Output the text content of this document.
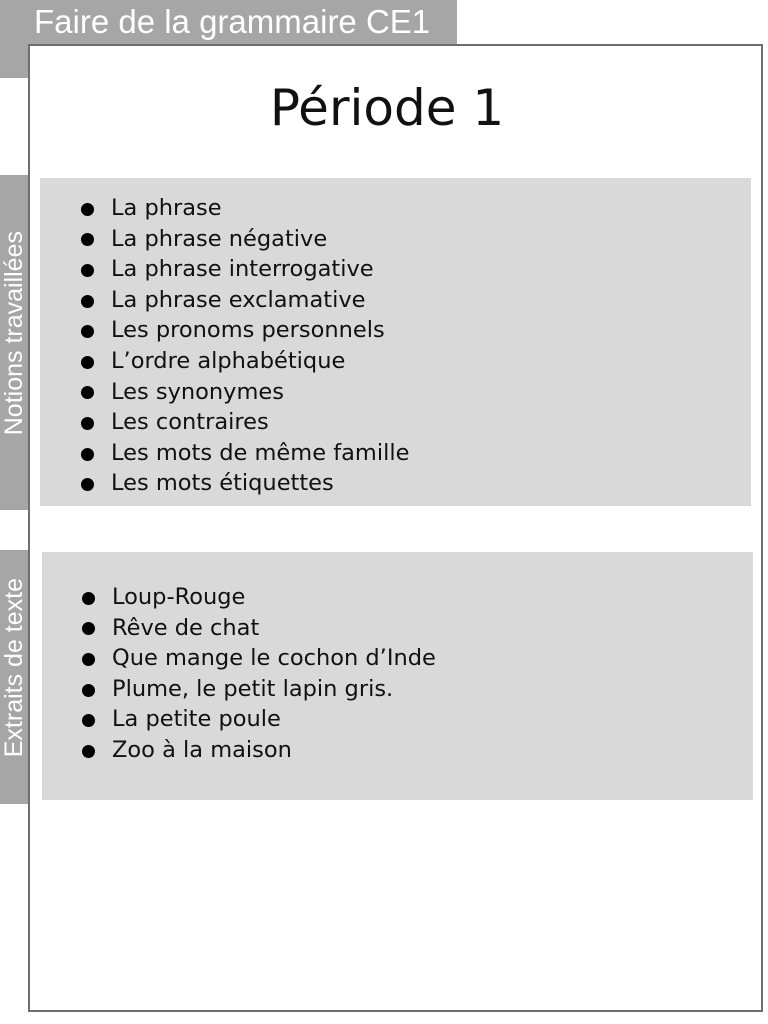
Faire de la grammaire CE1
Période 1
Notions travaillées
La phrase
La phrase négative
La phrase interrogative
La phrase exclamative
Les pronoms personnels
L’ordre alphabétique
Les synonymes
Les contraires
Les mots de même famille
Les mots étiquettes
Extraits de texte	Loup-Rouge
Rêve de chat
Que mange le cochon d’Inde
Plume, le petit lapin gris.
La petite poule
Zoo à la maison
